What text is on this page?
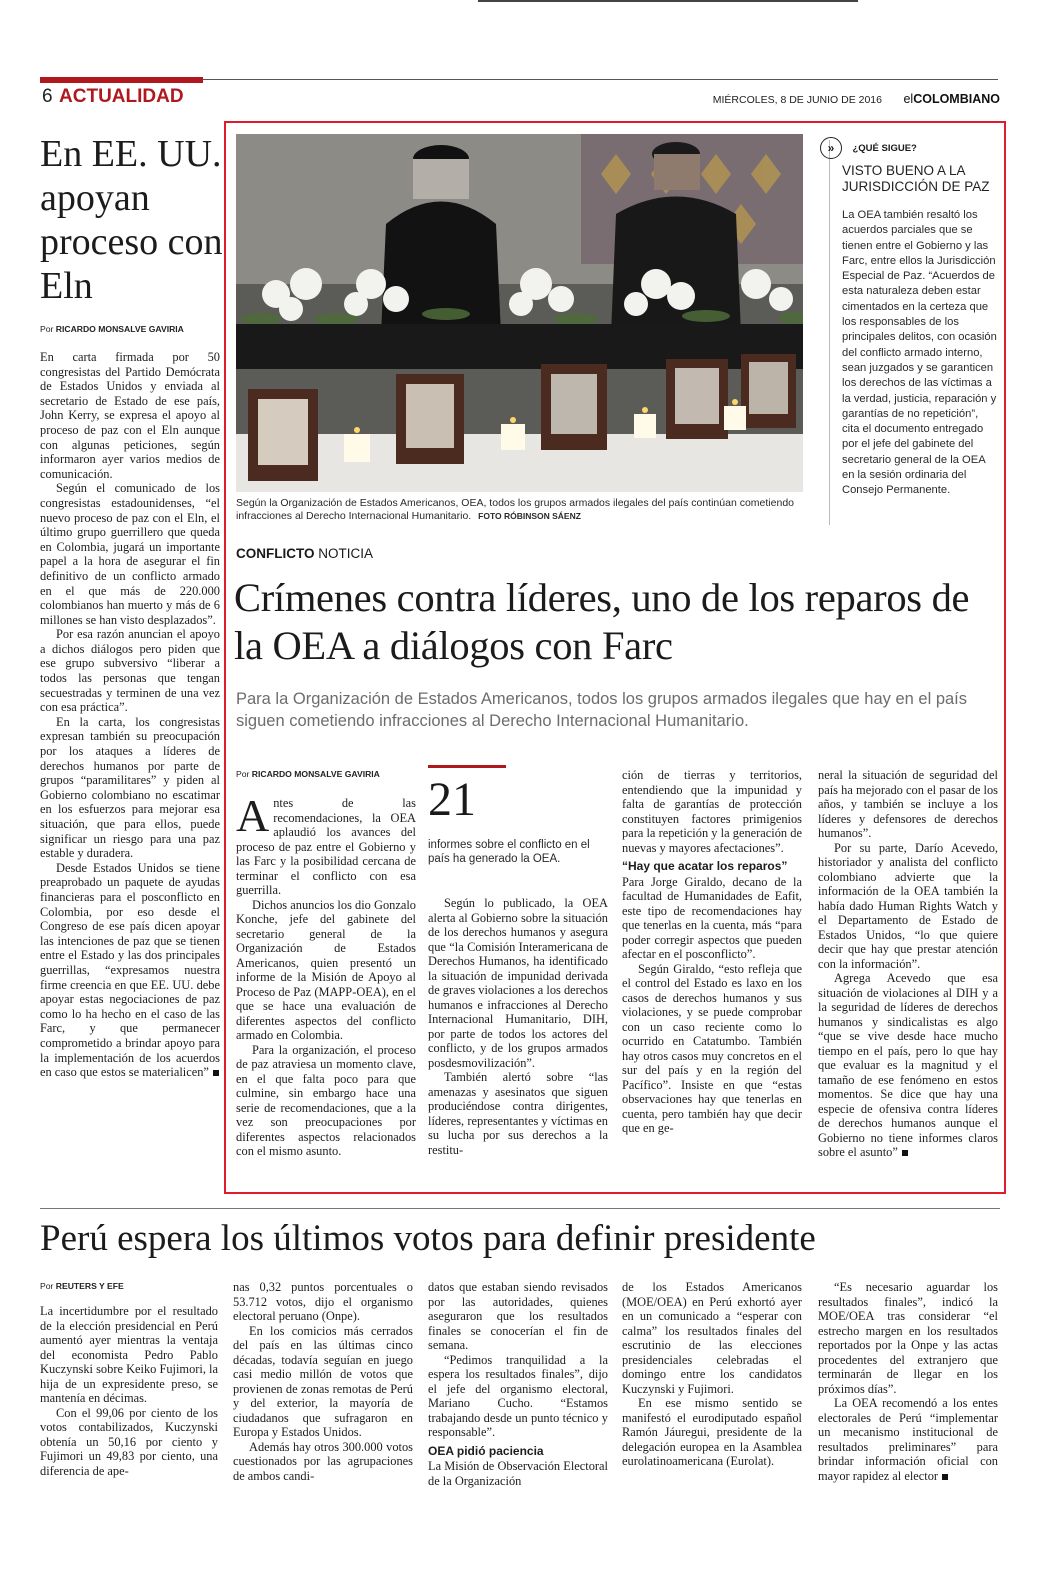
6 ACTUALIDAD	MIÉRCOLES, 8 DE JUNIO DE 2016 elCOLOMBIANO
En EE. UU. apoyan proceso con Eln
Por RICARDO MONSALVE GAVIRIA

En carta firmada por 50 congresistas del Partido Demócrata de Estados Unidos y enviada al secretario de Estado de ese país, John Kerry, se expresa el apoyo al proceso de paz con el Eln aunque con algunas peticiones, según informaron ayer varios medios de comunicación.

Según el comunicado de los congresistas estadounidenses, “el nuevo proceso de paz con el Eln, el último grupo guerrillero que queda en Colombia, jugará un importante papel a la hora de asegurar el fin definitivo de un conflicto armado en el que más de 220.000 colombianos han muerto y más de 6 millones se han visto desplazados”.

Por esa razón anuncian el apoyo a dichos diálogos pero piden que ese grupo subversivo “liberar a todos las personas que tengan secuestradas y terminen de una vez con esa práctica”.

En la carta, los congresistas expresan también su preocupación por los ataques a líderes de derechos humanos por parte de grupos “paramilitares” y piden al Gobierno colombiano no escatimar en los esfuerzos para mejorar esa situación, que para ellos, puede significar un riesgo para una paz estable y duradera.

Desde Estados Unidos se tiene preaprobado un paquete de ayudas financieras para el posconflicto en Colombia, por eso desde el Congreso de ese país dicen apoyar las intenciones de paz que se tienen entre el Estado y las dos principales guerrillas, “expresamos nuestra firme creencia en que EE. UU. debe apoyar estas negociaciones de paz como lo ha hecho en el caso de las Farc, y que permanecer comprometido a brindar apoyo para la implementación de los acuerdos en caso que estos se materialicen”

Según la Organización de Estados Americanos, OEA, todos los grupos armados ilegales del país continúan cometiendo infracciones al Derecho Internacional Humanitario. FOTO RÓBINSON SÁENZ
» ¿QUÉ SIGUE?
VISTO BUENO A LA JURISDICCIÓN DE PAZ
La OEA también resaltó los acuerdos parciales que se tienen entre el Gobierno y las Farc, entre ellos la Jurisdicción Especial de Paz. “Acuerdos de esta naturaleza deben estar cimentados en la certeza que los responsables de los principales delitos, con ocasión del conflicto armado interno, sean juzgados y se garanticen los derechos de las víctimas a la verdad, justicia, reparación y garantías de no repetición”, cita el documento entregado por el jefe del gabinete del secretario general de la OEA en la sesión ordinaria del Consejo Permanente.
CONFLICTO NOTICIA
Crímenes contra líderes, uno de los reparos de la OEA a diálogos con Farc
Para la Organización de Estados Americanos, todos los grupos armados ilegales que hay en el país siguen cometiendo infracciones al Derecho Internacional Humanitario.
Por RICARDO MONSALVE GAVIRIA	21
informes sobre el conflicto en el país ha generado la OEA.

Antes de las recomendaciones, la OEA aplaudió los avances del proceso de paz entre el Gobierno y las Farc y la posibilidad cercana de terminar el conflicto con esa guerrilla.

Dichos anuncios los dio Gonzalo Konche, jefe del gabinete del secretario general de la Organización de Estados Americanos, quien presentó un informe de la Misión de Apoyo al Proceso de Paz (MAPP-OEA), en el que se hace una evaluación de diferentes aspectos del conflicto armado en Colombia.

Para la organización, el proceso de paz atraviesa un momento clave, en el que falta poco para que culmine, sin embargo hace una serie de recomendaciones, que a la vez son preocupaciones por diferentes aspectos relacionados con el mismo asunto.

Según lo publicado, la OEA alerta al Gobierno sobre la situación de los derechos humanos y asegura que “la Comisión Interamericana de Derechos Humanos, ha identificado la situación de impunidad derivada de graves violaciones a los derechos humanos e infracciones al Derecho Internacional Humanitario, DIH, por parte de todos los actores del conflicto, y de los grupos armados posdesmovilización”.

También alertó sobre “las amenazas y asesinatos que siguen produciéndose contra dirigentes, líderes, representantes y víctimas en su lucha por sus derechos a la restitu-

ción de tierras y territorios, entendiendo que la impunidad y falta de garantías de protección constituyen factores primigenios para la repetición y la generación de nuevas y mayores afectaciones”.

“Hay que acatar los reparos”

Para Jorge Giraldo, decano de la facultad de Humanidades de Eafit, este tipo de recomendaciones hay que tenerlas en la cuenta, más “para poder corregir aspectos que pueden afectar en el posconflicto”.

Según Giraldo, “esto refleja que el control del Estado es laxo en los casos de derechos humanos y sus violaciones, y se puede comprobar con un caso reciente como lo ocurrido en Catatumbo. También hay otros casos muy concretos en el sur del país y en la región del Pacífico”. Insiste en que “estas observaciones hay que tenerlas en cuenta, pero también hay que decir que en ge-

neral la situación de seguridad del país ha mejorado con el pasar de los años, y también se incluye a los líderes y defensores de derechos humanos”.

Por su parte, Darío Acevedo, historiador y analista del conflicto colombiano advierte que la información de la OEA también la había dado Human Rights Watch y el Departamento de Estado de Estados Unidos, “lo que quiere decir que hay que prestar atención con la información”.

Agrega Acevedo que esa situación de violaciones al DIH y a la seguridad de líderes de derechos humanos y sindicalistas es algo “que se vive desde hace mucho tiempo en el país, pero lo que hay que evaluar es la magnitud y el tamaño de ese fenómeno en estos momentos. Se dice que hay una especie de ofensiva contra líderes de derechos humanos aunque el Gobierno no tiene informes claros sobre el asunto”

Perú espera los últimos votos para definir presidente
Por REUTERS Y EFE

La incertidumbre por el resultado de la elección presidencial en Perú aumentó ayer mientras la ventaja del economista Pedro Pablo Kuczynski sobre Keiko Fujimori, la hija de un expresidente preso, se mantenía en décimas.

Con el 99,06 por ciento de los votos contabilizados, Kuczynski obtenía un 50,16 por ciento y Fujimori un 49,83 por ciento, una diferencia de ape-

nas 0,32 puntos porcentuales o 53.712 votos, dijo el organismo electoral peruano (Onpe).

En los comicios más cerrados del país en las últimas cinco décadas, todavía seguían en juego casi medio millón de votos que provienen de zonas remotas de Perú y del exterior, la mayoría de ciudadanos que sufragaron en Europa y Estados Unidos.

Además hay otros 300.000 votos cuestionados por las agrupaciones de ambos candi-

datos que estaban siendo revisados por las autoridades, quienes aseguraron que los resultados finales se conocerían el fin de semana.

“Pedimos tranquilidad a la espera los resultados finales”, dijo el jefe del organismo electoral, Mariano Cucho. “Estamos trabajando desde un punto técnico y responsable”.

OEA pidió paciencia

La Misión de Observación Electoral de la Organización

de los Estados Americanos (MOE/OEA) en Perú exhortó ayer en un comunicado a “esperar con calma” los resultados finales del escrutinio de las elecciones presidenciales celebradas el domingo entre los candidatos Kuczynski y Fujimori.

En ese mismo sentido se manifestó el eurodiputado español Ramón Jáuregui, presidente de la delegación europea en la Asamblea eurolatinoamericana (Eurolat).

“Es necesario aguardar los resultados finales”, indicó la MOE/OEA tras considerar “el estrecho margen en los resultados reportados por la Onpe y las actas procedentes del extranjero que terminarán de llegar en los próximos días”.

La OEA recomendó a los entes electorales de Perú “implementar un mecanismo institucional de resultados preliminares” para brindar información oficial con mayor rapidez al elector
